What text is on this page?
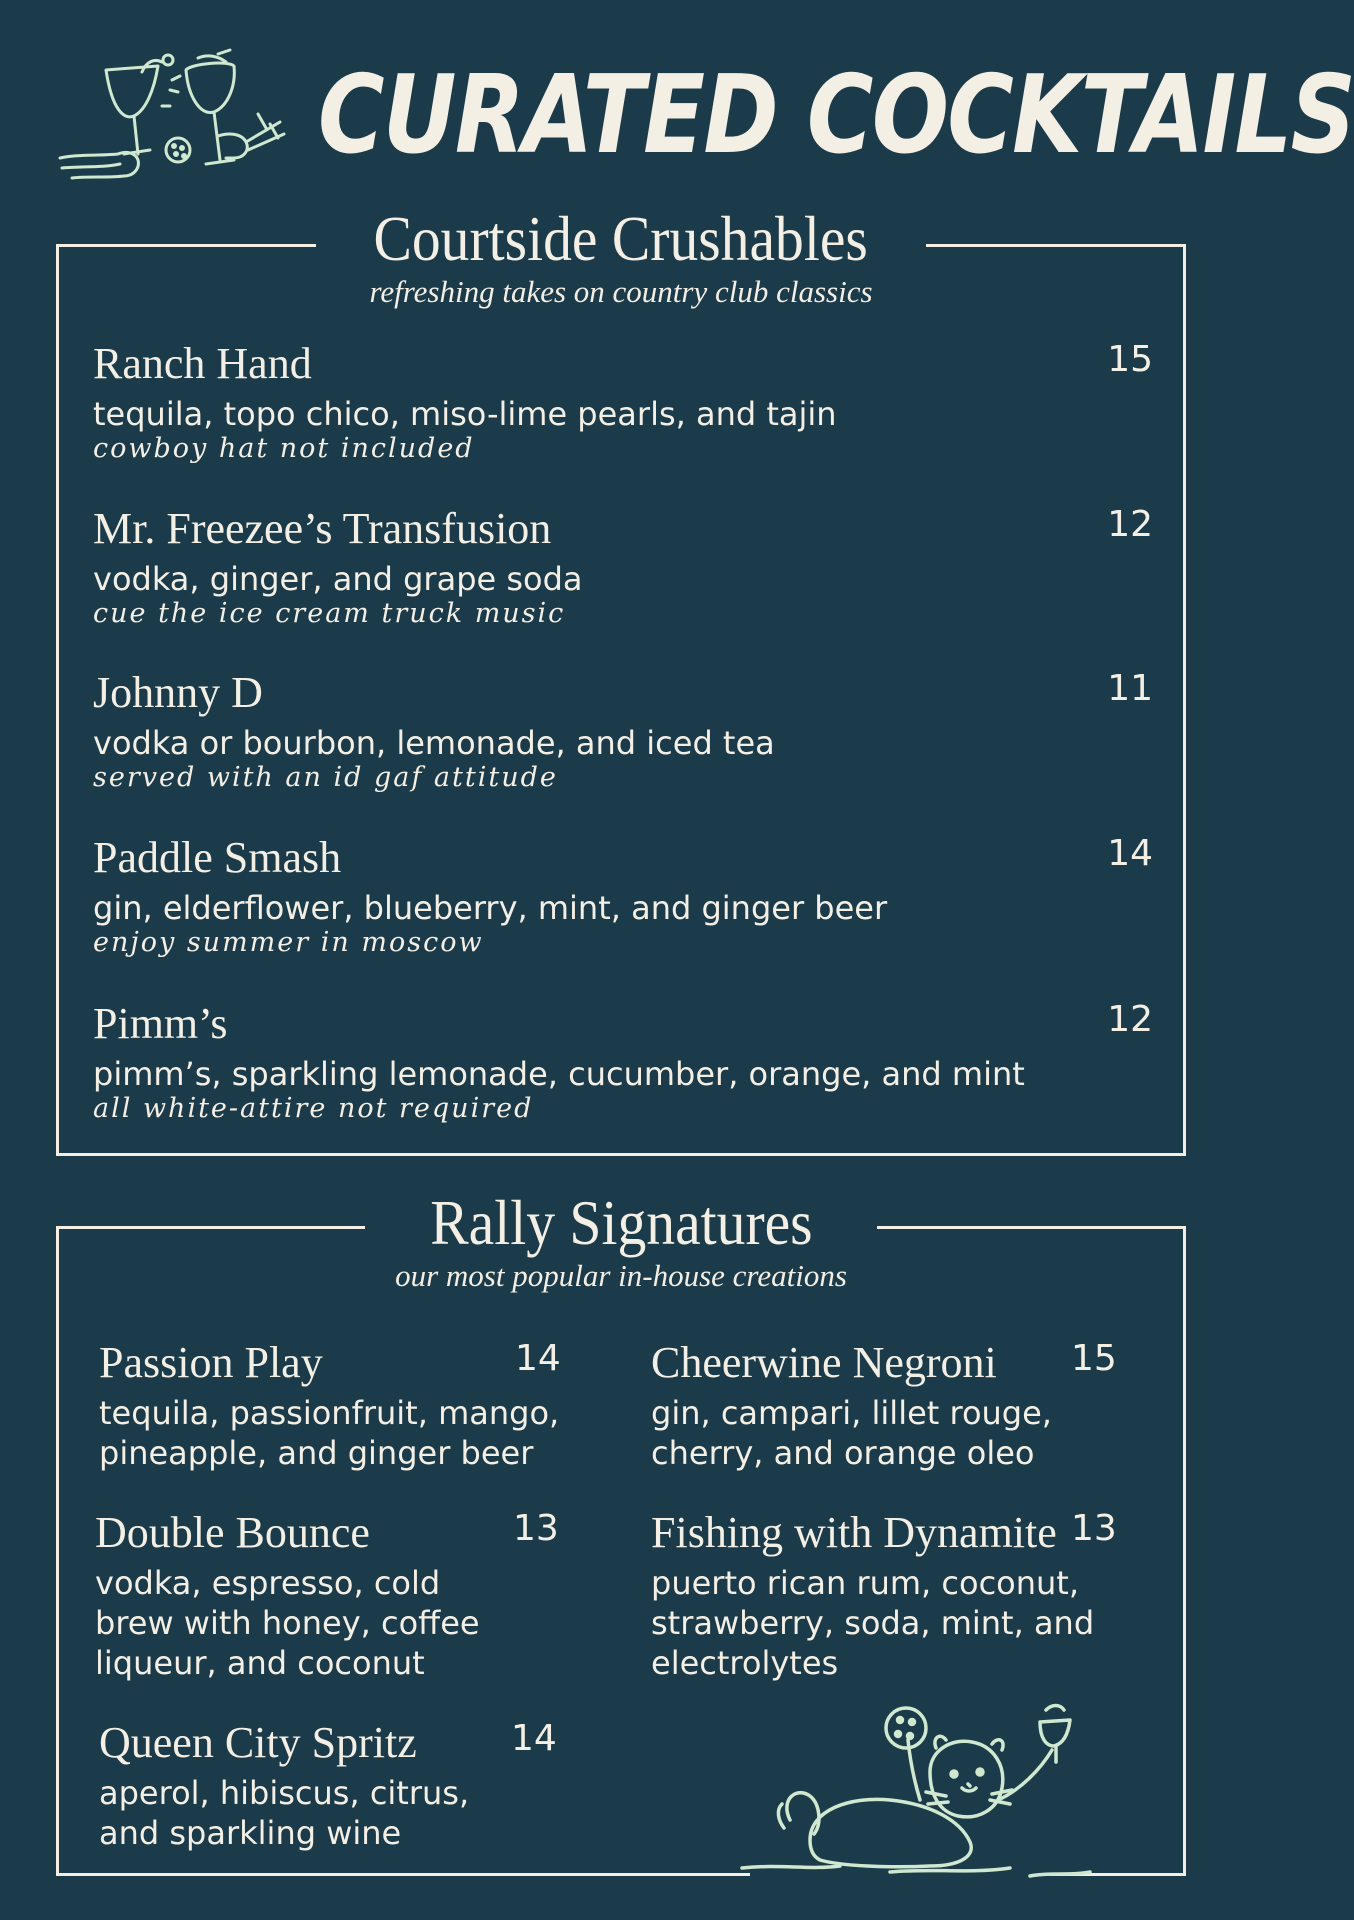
CURATED COCKTAILS
Courtside Crushables
refreshing takes on country club classics
Ranch Hand	15
tequila, topo chico, miso-lime pearls, and tajin
cowboy hat not included
Mr. Freezee’s Transfusion	12
vodka, ginger, and grape soda
cue the ice cream truck music
Johnny D	11
vodka or bourbon, lemonade, and iced tea
served with an id gaf attitude
Paddle Smash	14
gin, elderflower, blueberry, mint, and ginger beer
enjoy summer in moscow
Pimm’s	12
pimm’s, sparkling lemonade, cucumber, orange, and mint
all white-attire not required
Rally Signatures
our most popular in-house creations
Passion Play	14
tequila, passionfruit, mango, pineapple, and ginger beer
Cheerwine Negroni	15
gin, campari, lillet rouge, cherry, and orange oleo
Double Bounce	13
vodka, espresso, cold brew with honey, coffee liqueur, and coconut
Fishing with Dynamite 13
puerto rican rum, coconut, strawberry, soda, mint, and electrolytes
Queen City Spritz	14
aperol, hibiscus, citrus, and sparkling wine
